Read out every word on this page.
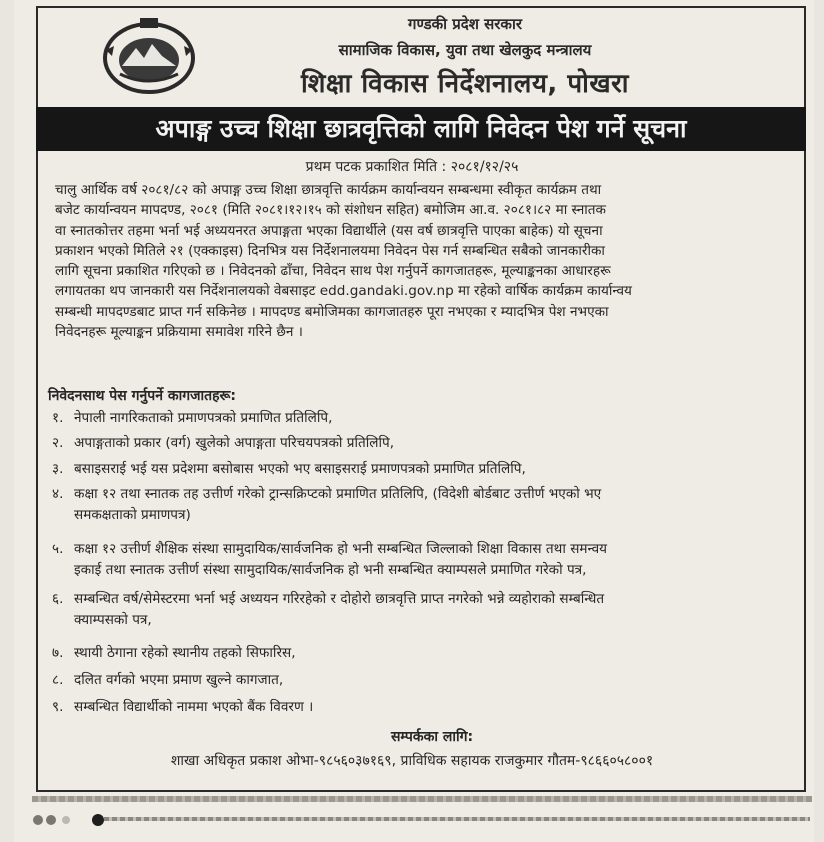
गण्डकी प्रदेश सरकार
सामाजिक विकास, युवा तथा खेलकुद मन्त्रालय
शिक्षा विकास निर्देशनालय, पोखरा
अपाङ्ग उच्च शिक्षा छात्रवृत्तिको लागि निवेदन पेश गर्ने सूचना
प्रथम पटक प्रकाशित मिति : २०८१/१२/२५
चालु आर्थिक वर्ष २०८१/८२ को अपाङ्ग उच्च शिक्षा छात्रवृत्ति कार्यक्रम कार्यान्वयन सम्बन्धमा स्वीकृत कार्यक्रम तथा
बजेट कार्यान्वयन मापदण्ड, २०८१ (मिति २०८१।१२।१५ को संशोधन सहित) बमोजिम आ.व. २०८१।८२ मा स्नातक
वा स्नातकोत्तर तहमा भर्ना भई अध्ययनरत अपाङ्गता भएका विद्यार्थीले (यस वर्ष छात्रवृत्ति पाएका बाहेक) यो सूचना
प्रकाशन भएको मितिले २१ (एक्काइस) दिनभित्र यस निर्देशनालयमा निवेदन पेस गर्न सम्बन्धित सबैको जानकारीका
लागि सूचना प्रकाशित गरिएको छ । निवेदनको ढाँचा, निवेदन साथ पेश गर्नुपर्ने कागजातहरू, मूल्याङ्कनका आधारहरू
लगायतका थप जानकारी यस निर्देशनालयको वेबसाइट edd.gandaki.gov.np मा रहेको वार्षिक कार्यक्रम कार्यान्वय
सम्बन्धी मापदण्डबाट प्राप्त गर्न सकिनेछ । मापदण्ड बमोजिमका कागजातहरु पूरा नभएका र म्यादभित्र पेश नभएका
निवेदनहरू मूल्याङ्कन प्रक्रियामा समावेश गरिने छैन ।
निवेदनसाथ पेस गर्नुपर्ने कागजातहरू:
१. नेपाली नागरिकताको प्रमाणपत्रको प्रमाणित प्रतिलिपि,
२. अपाङ्गताको प्रकार (वर्ग) खुलेको अपाङ्गता परिचयपत्रको प्रतिलिपि,
३. बसाइसराई भई यस प्रदेशमा बसोबास भएको भए बसाइसराई प्रमाणपत्रको प्रमाणित प्रतिलिपि,
४. कक्षा १२ तथा स्नातक तह उत्तीर्ण गरेको ट्रान्सक्रिप्टको प्रमाणित प्रतिलिपि, (विदेशी बोर्डबाट उत्तीर्ण भएको भए
समकक्षताको प्रमाणपत्र)
५. कक्षा १२ उत्तीर्ण शैक्षिक संस्था सामुदायिक/सार्वजनिक हो भनी सम्बन्धित जिल्लाको शिक्षा विकास तथा समन्वय
इकाई तथा स्नातक उत्तीर्ण संस्था सामुदायिक/सार्वजनिक हो भनी सम्बन्धित क्याम्पसले प्रमाणित गरेको पत्र,
६. सम्बन्धित वर्ष/सेमेस्टरमा भर्ना भई अध्ययन गरिरहेको र दोहोरो छात्रवृत्ति प्राप्त नगरेको भन्ने व्यहोराको सम्बन्धित
क्याम्पसको पत्र,
७. स्थायी ठेगाना रहेको स्थानीय तहको सिफारिस,
८. दलित वर्गको भएमा प्रमाण खुल्ने कागजात,
९. सम्बन्धित विद्यार्थीको नाममा भएको बैंक विवरण ।
सम्पर्कका लागि:
शाखा अधिकृत प्रकाश ओभा-९८५६०३७१६९, प्राविधिक सहायक राजकुमार गौतम-९८६६०५८००१
